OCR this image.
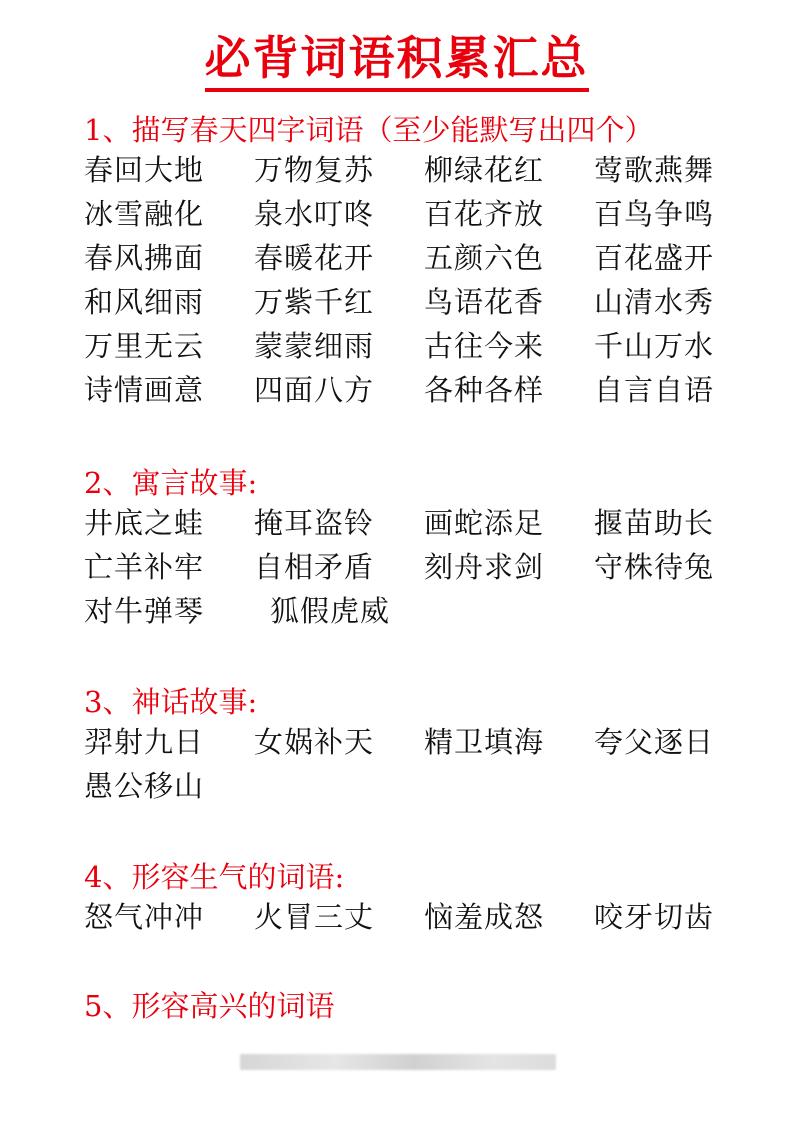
必背词语积累汇总
1、描写春天四字词语（至少能默写出四个）
春回大地	万物复苏	柳绿花红	莺歌燕舞
冰雪融化	泉水叮咚	百花齐放	百鸟争鸣
春风拂面	春暖花开	五颜六色	百花盛开
和风细雨	万紫千红	鸟语花香	山清水秀
万里无云	蒙蒙细雨	古往今来	千山万水
诗情画意	四面八方	各种各样	自言自语
2、寓言故事:
井底之蛙	掩耳盗铃	画蛇添足	揠苗助长
亡羊补牢	自相矛盾	刻舟求剑	守株待兔
对牛弹琴	狐假虎威
3、神话故事:
羿射九日	女娲补天	精卫填海	夸父逐日
愚公移山
4、形容生气的词语:
怒气冲冲	火冒三丈	恼羞成怒	咬牙切齿
5、形容高兴的词语
